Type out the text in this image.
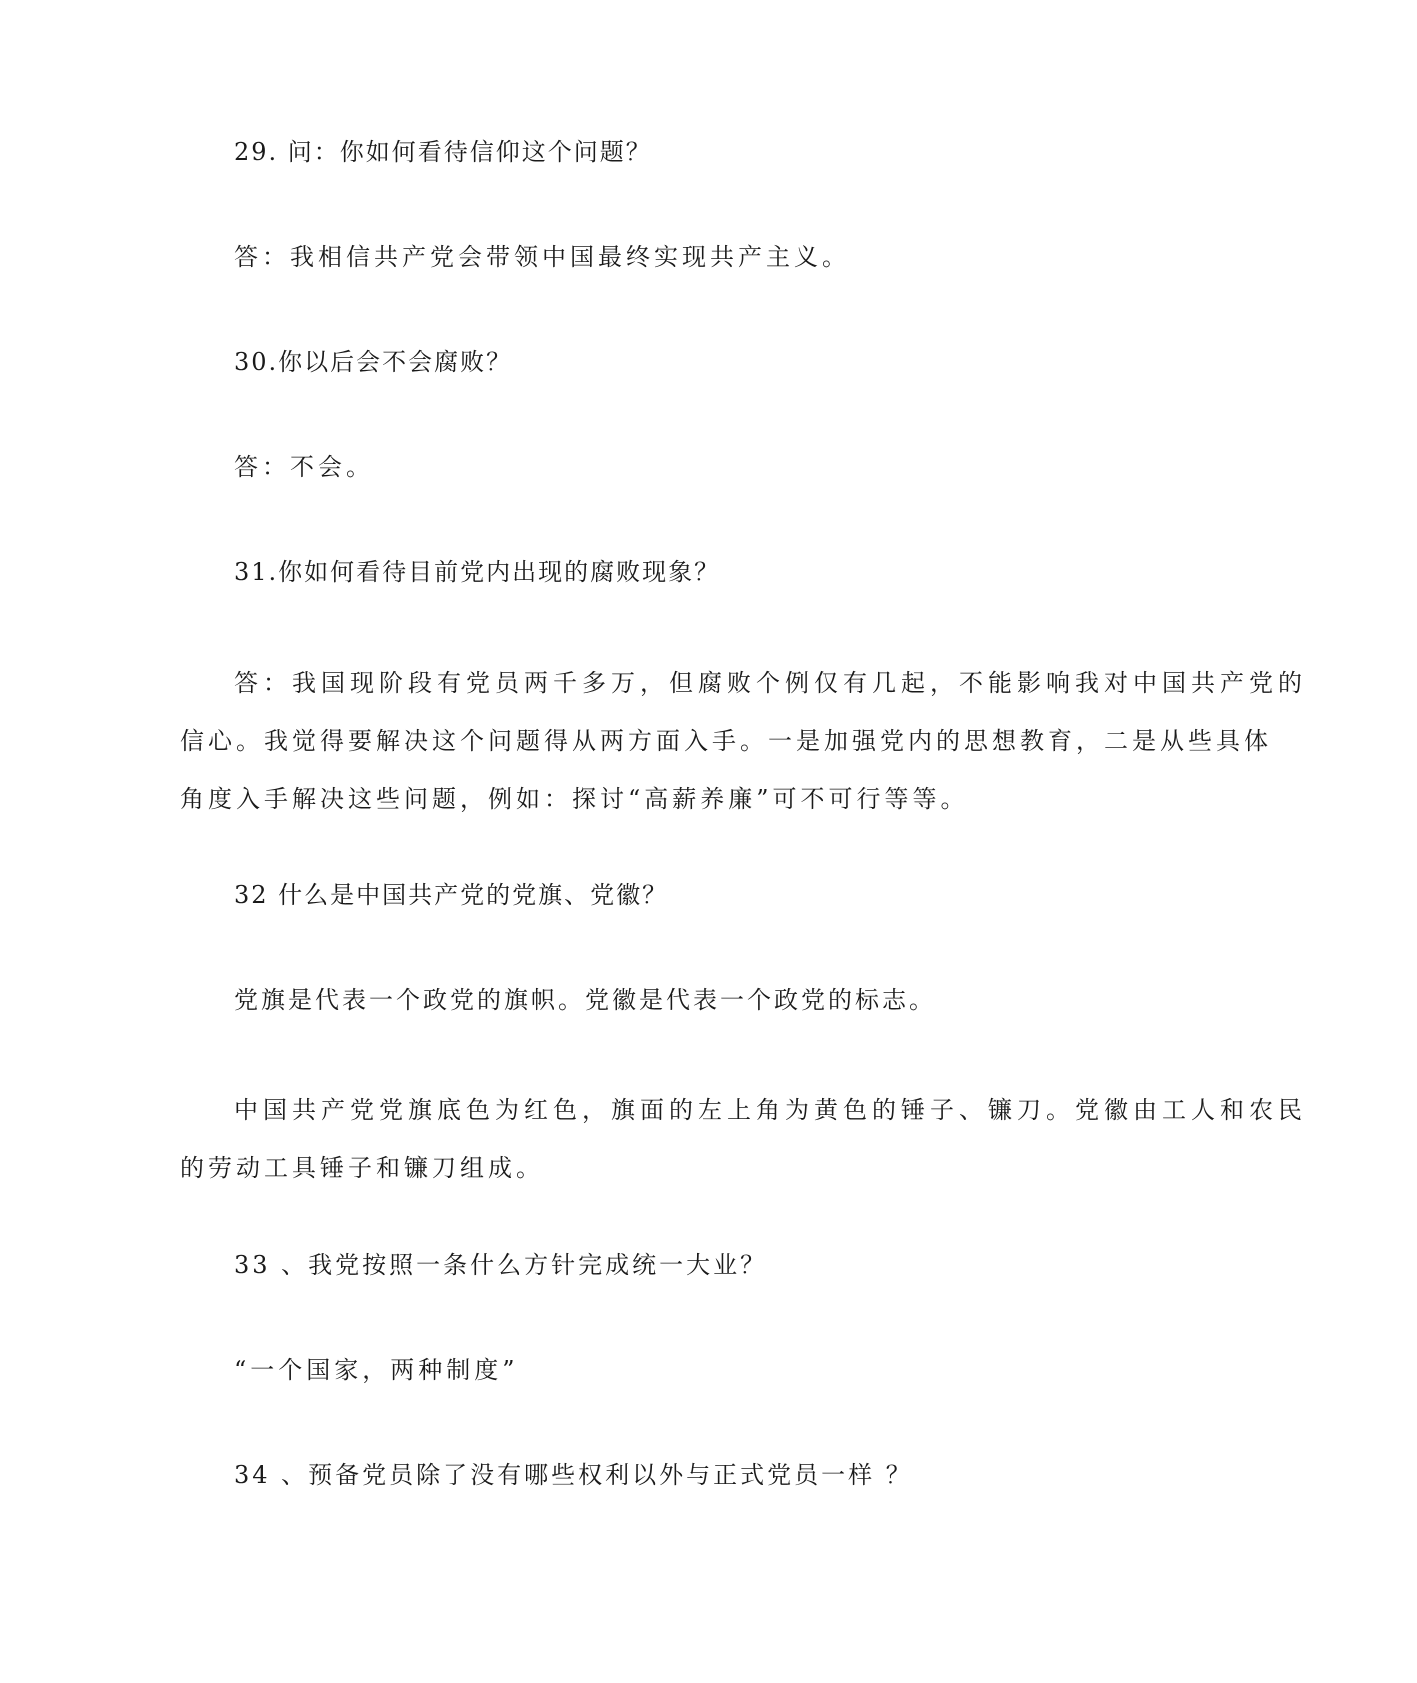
29. 问：你如何看待信仰这个问题？
答：我相信共产党会带领中国最终实现共产主义。
30.你以后会不会腐败？
答：不会。
31.你如何看待目前党内出现的腐败现象？
答：我国现阶段有党员两千多万，但腐败个例仅有几起，不能影响我对中国共产党的
信心。我觉得要解决这个问题得从两方面入手。一是加强党内的思想教育，二是从些具体
角度入手解决这些问题，例如：探讨“高薪养廉”可不可行等等。
32 什么是中国共产党的党旗、党徽？
党旗是代表一个政党的旗帜。党徽是代表一个政党的标志。
中国共产党党旗底色为红色，旗面的左上角为黄色的锤子、镰刀。党徽由工人和农民
的劳动工具锤子和镰刀组成。
33 、我党按照一条什么方针完成统一大业？
“一个国家，两种制度”
34 、预备党员除了没有哪些权利以外与正式党员一样 ？
